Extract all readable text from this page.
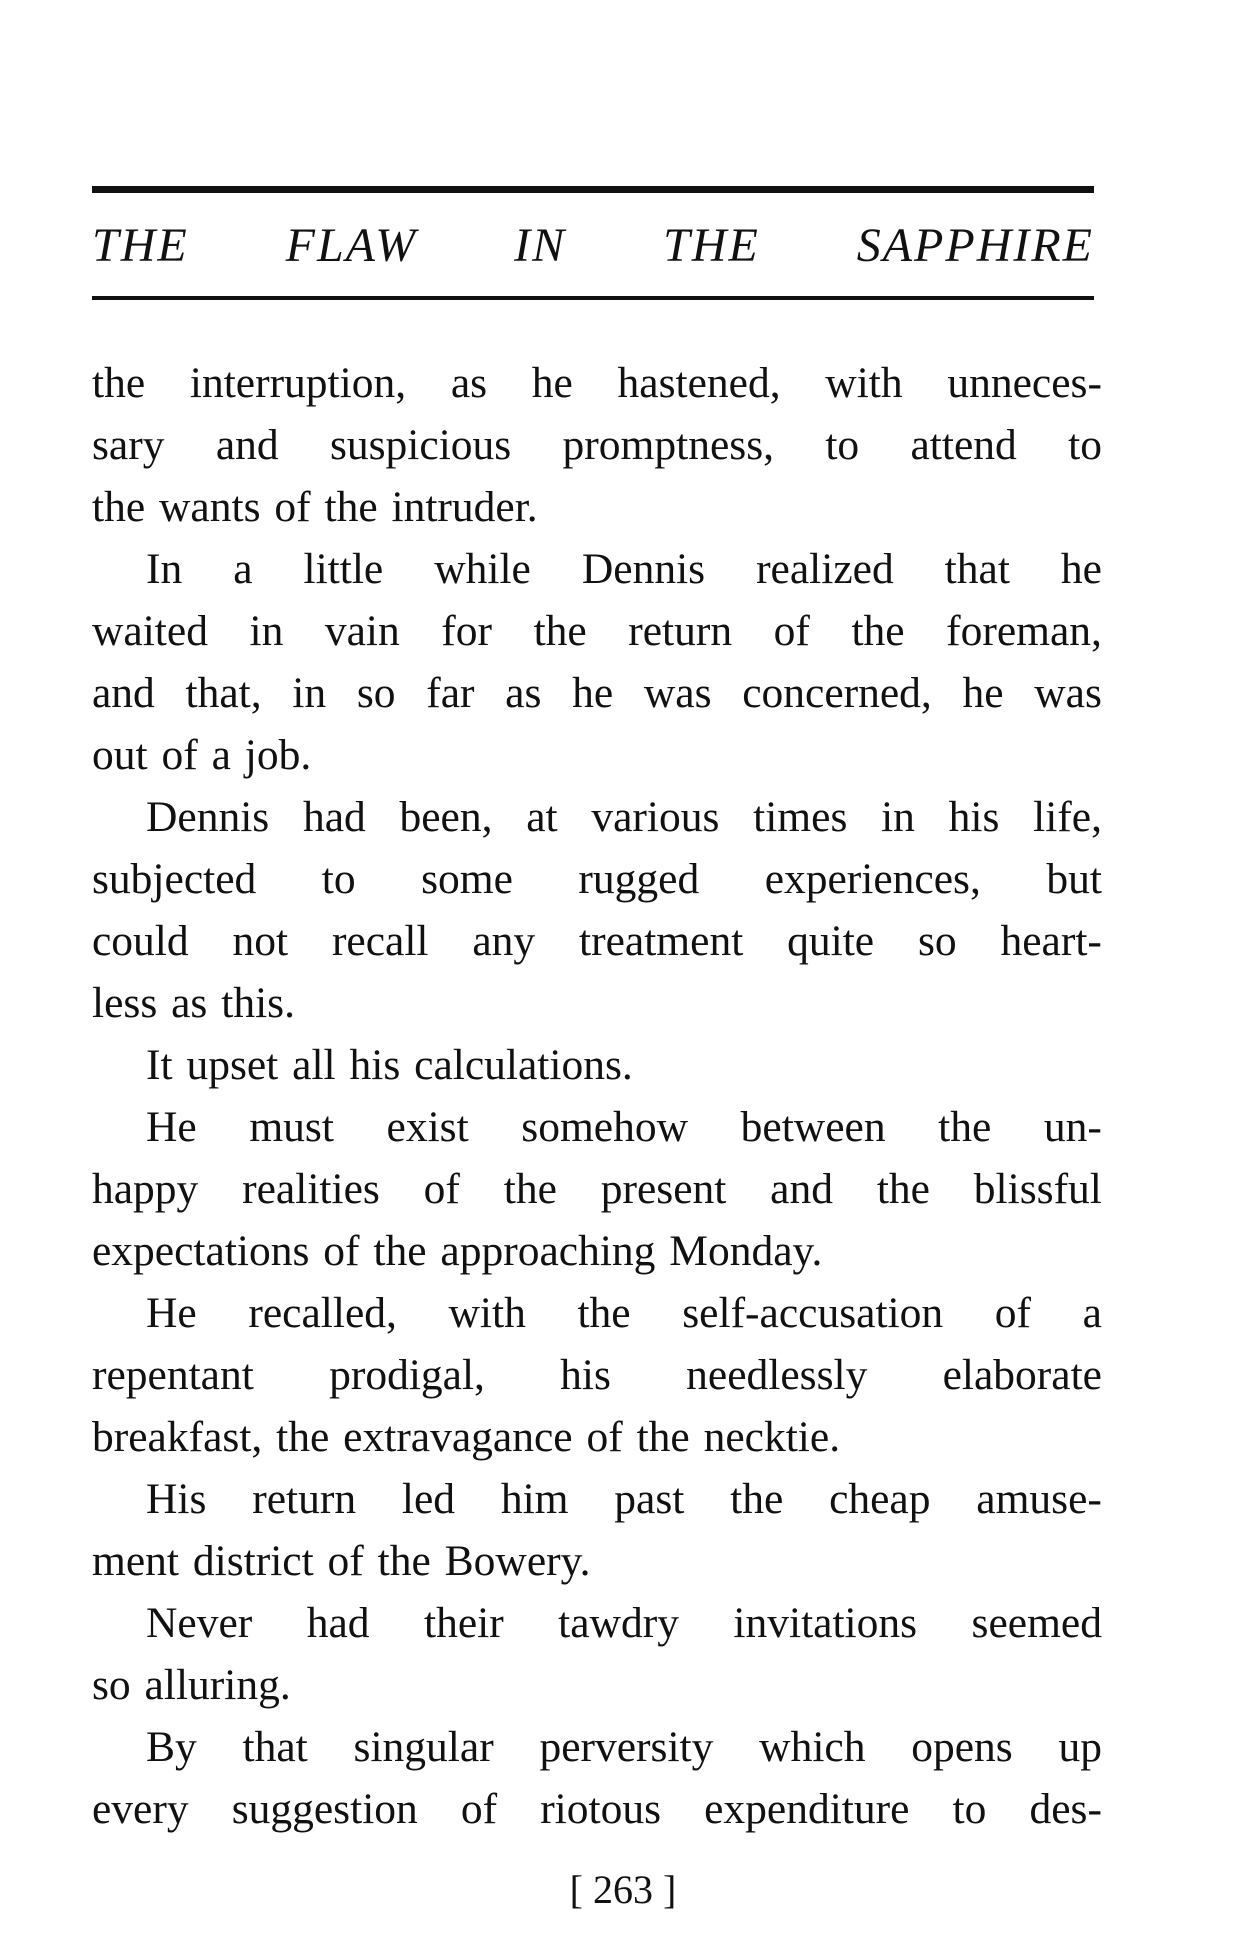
THE FLAW IN THE SAPPHIRE
the interruption, as he hastened, with unneces-
sary and suspicious promptness, to attend to
the wants of the intruder.
In a little while Dennis realized that he
waited in vain for the return of the foreman,
and that, in so far as he was concerned, he was
out of a job.
Dennis had been, at various times in his life,
subjected to some rugged experiences, but
could not recall any treatment quite so heart-
less as this.
It upset all his calculations.
He must exist somehow between the un-
happy realities of the present and the blissful
expectations of the approaching Monday.
He recalled, with the self-accusation of a
repentant prodigal, his needlessly elaborate
breakfast, the extravagance of the necktie.
His return led him past the cheap amuse-
ment district of the Bowery.
Never had their tawdry invitations seemed
so alluring.
By that singular perversity which opens up
every suggestion of riotous expenditure to des-
[ 263 ]
